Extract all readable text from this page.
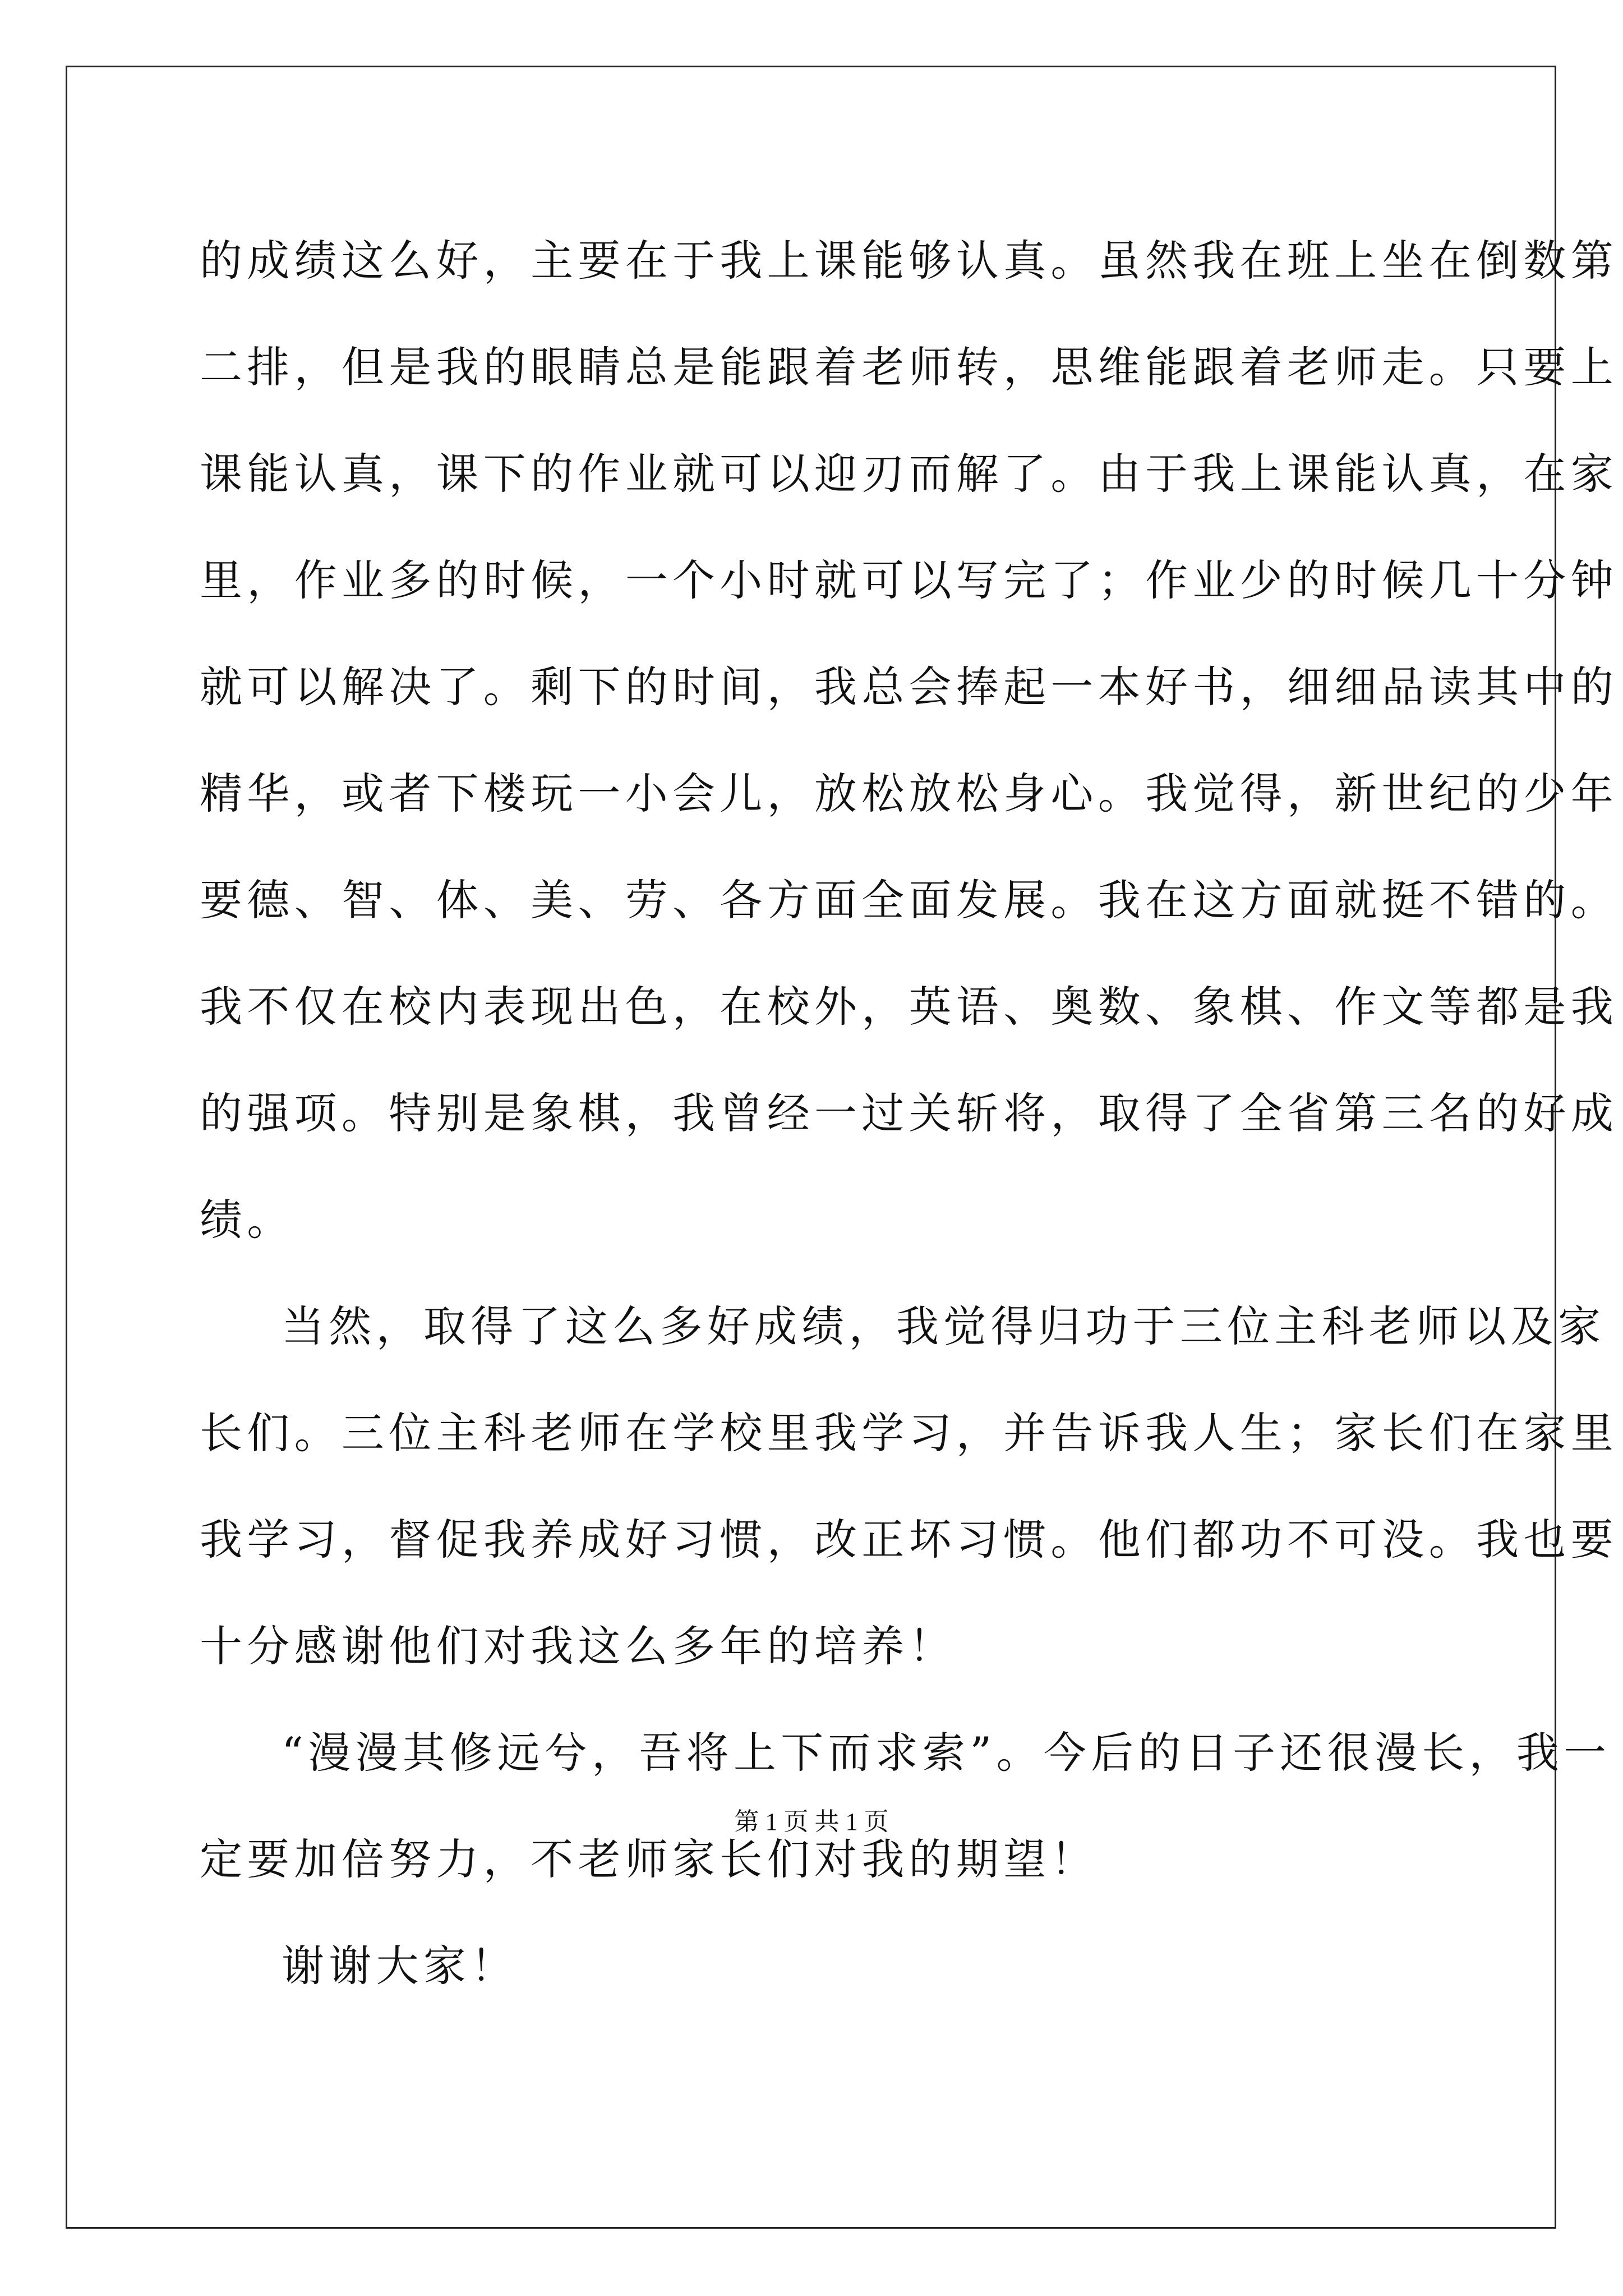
的成绩这么好，主要在于我上课能够认真。虽然我在班上坐在倒数第

二排，但是我的眼睛总是能跟着老师转，思维能跟着老师走。只要上

课能认真，课下的作业就可以迎刃而解了。由于我上课能认真，在家

里，作业多的时候，一个小时就可以写完了；作业少的时候几十分钟

就可以解决了。剩下的时间，我总会捧起一本好书，细细品读其中的

精华，或者下楼玩一小会儿，放松放松身心。我觉得，新世纪的少年

要德、智、体、美、劳、各方面全面发展。我在这方面就挺不错的。

我不仅在校内表现出色，在校外，英语、奥数、象棋、作文等都是我

的强项。特别是象棋，我曾经一过关斩将，取得了全省第三名的好成

绩。

当然，取得了这么多好成绩，我觉得归功于三位主科老师以及家

长们。三位主科老师在学校里我学习，并告诉我人生；家长们在家里

我学习，督促我养成好习惯，改正坏习惯。他们都功不可没。我也要

十分感谢他们对我这么多年的培养！

“漫漫其修远兮，吾将上下而求索”。今后的日子还很漫长，我一

定要加倍努力，不老师家长们对我的期望！

谢谢大家！

第 1 页 共 1 页
